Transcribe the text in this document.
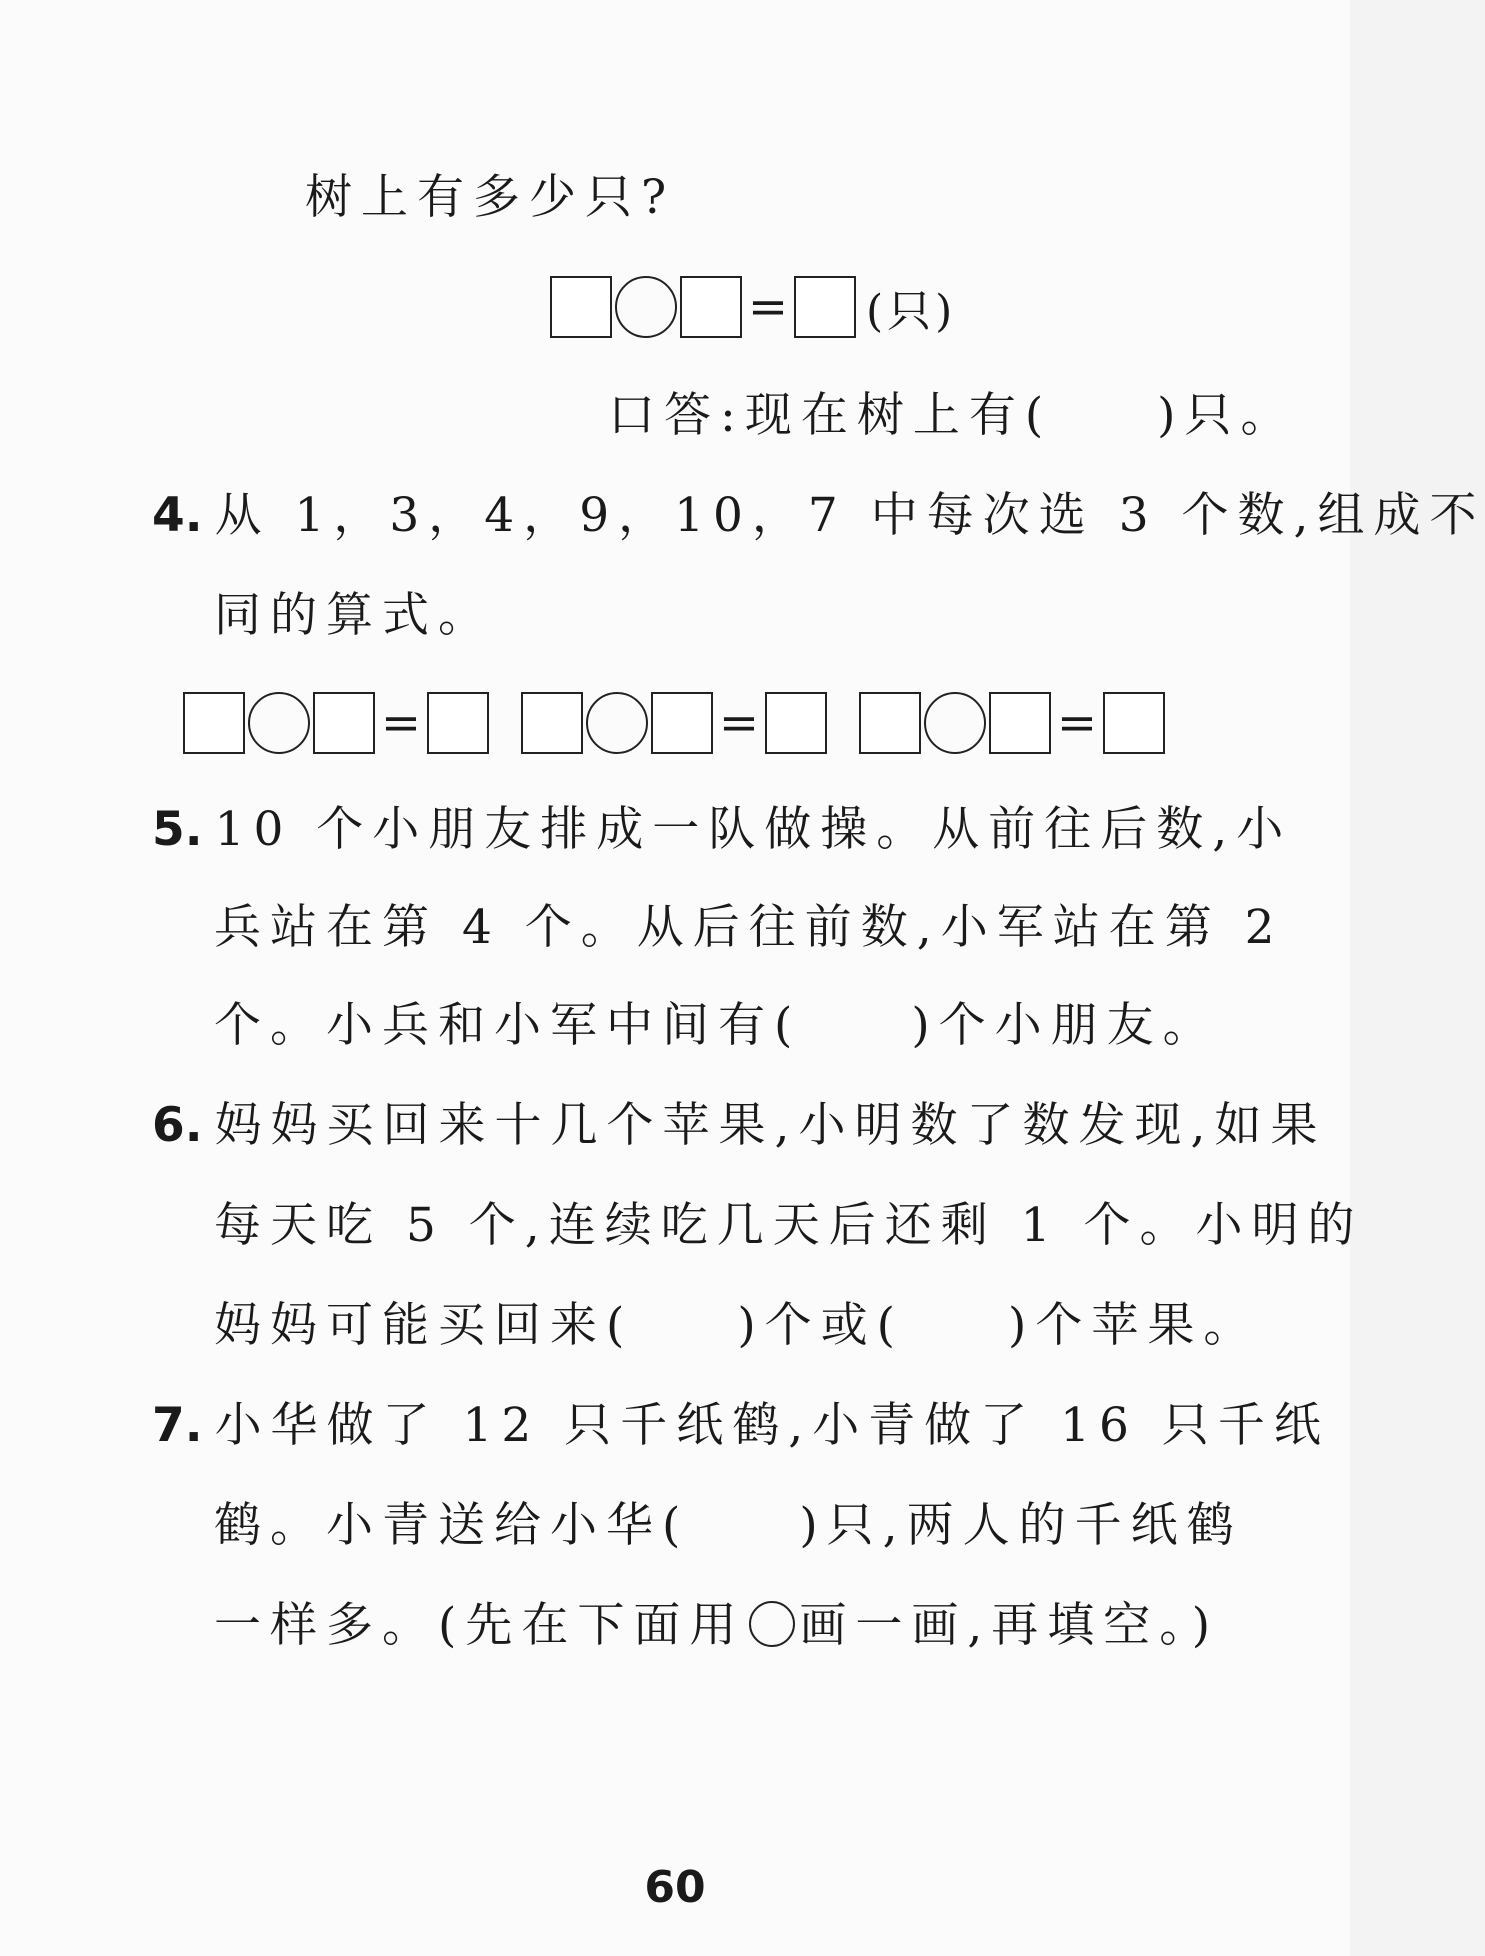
树上有多少只?
= (只)
口答:现在树上有( )只。
4. 从 1，3，4，9，10，7 中每次选 3 个数,组成不
同的算式。
=	=	=
5. 10 个小朋友排成一队做操。从前往后数,小
兵站在第 4 个。从后往前数,小军站在第 2
个。小兵和小军中间有( )个小朋友。
6. 妈妈买回来十几个苹果,小明数了数发现,如果
每天吃 5 个,连续吃几天后还剩 1 个。小明的
妈妈可能买回来( )个或( )个苹果。
7. 小华做了 12 只千纸鹤,小青做了 16 只千纸
鹤。小青送给小华( )只,两人的千纸鹤
一样多。(先在下面用 画一画,再填空。)
60
